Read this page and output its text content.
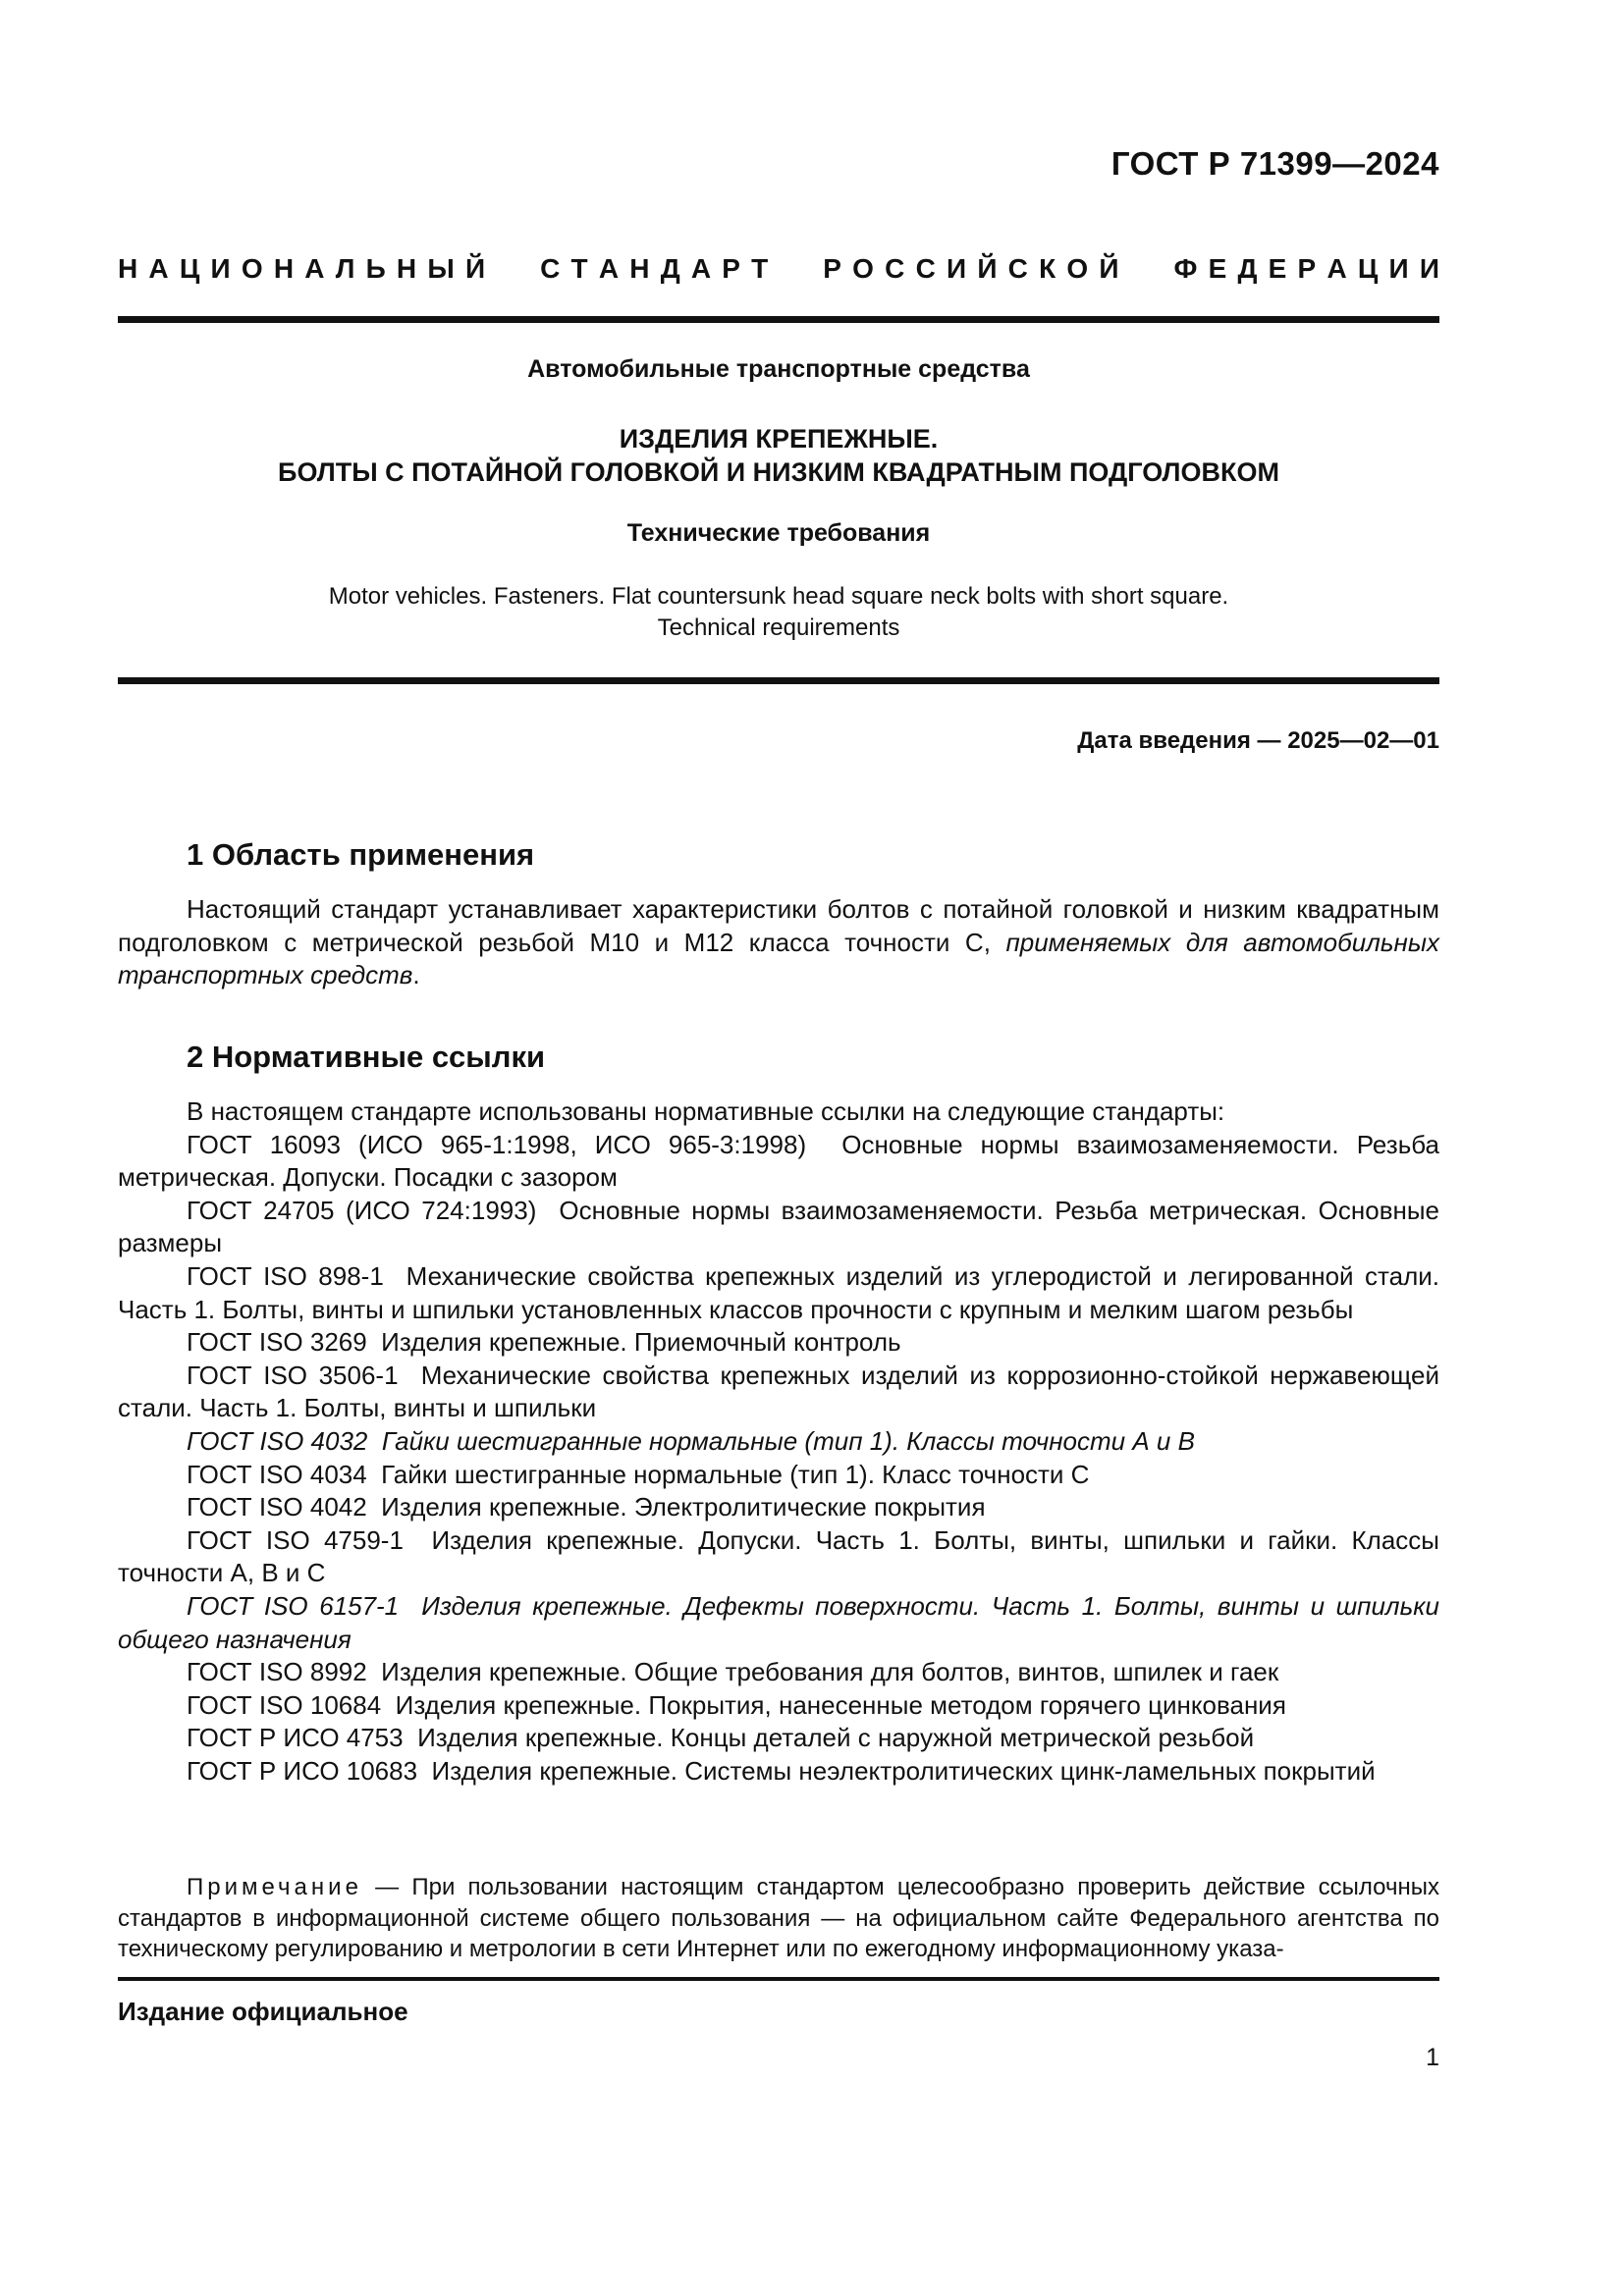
ГОСТ Р 71399—2024
Н  А  Ц  И  О  Н  А  Л  Ь  Н  Ы  Й С  Т  А  Н  Д  А  Р  Т Р  О  С  С  И  Й  С  К  О  Й Ф  Е  Д  Е  Р  А  Ц  И  И
Автомобильные транспортные средства
ИЗДЕЛИЯ КРЕПЕЖНЫЕ.
БОЛТЫ С ПОТАЙНОЙ ГОЛОВКОЙ И НИЗКИМ КВАДРАТНЫМ ПОДГОЛОВКОМ
Технические требования
Motor vehicles. Fasteners. Flat countersunk head square neck bolts with short square.
Technical requirements
Дата введения — 2025—02—01
1 Область применения

Настоящий стандарт устанавливает характеристики болтов с потайной головкой и низким квадратным подголовком с метрической резьбой М10 и М12 класса точности С, применяемых для автомобильных транспортных средств.

2 Нормативные ссылки

В настоящем стандарте использованы нормативные ссылки на следующие стандарты:

ГОСТ 16093 (ИСО 965-1:1998, ИСО 965-3:1998) Основные нормы взаимозаменяемости. Резьба метрическая. Допуски. Посадки с зазором

ГОСТ 24705 (ИСО 724:1993) Основные нормы взаимозаменяемости. Резьба метрическая. Основные размеры

ГОСТ ISO 898-1 Механические свойства крепежных изделий из углеродистой и легированной стали. Часть 1. Болты, винты и шпильки установленных классов прочности с крупным и мелким шагом резьбы

ГОСТ ISO 3269 Изделия крепежные. Приемочный контроль

ГОСТ ISO 3506-1 Механические свойства крепежных изделий из коррозионно-стойкой нержавеющей стали. Часть 1. Болты, винты и шпильки

ГОСТ ISO 4032 Гайки шестигранные нормальные (тип 1). Классы точности А и В

ГОСТ ISO 4034 Гайки шестигранные нормальные (тип 1). Класс точности С

ГОСТ ISO 4042 Изделия крепежные. Электролитические покрытия

ГОСТ ISO 4759-1 Изделия крепежные. Допуски. Часть 1. Болты, винты, шпильки и гайки. Классы точности А, В и С

ГОСТ ISO 6157-1 Изделия крепежные. Дефекты поверхности. Часть 1. Болты, винты и шпильки общего назначения

ГОСТ ISO 8992 Изделия крепежные. Общие требования для болтов, винтов, шпилек и гаек

ГОСТ ISO 10684 Изделия крепежные. Покрытия, нанесенные методом горячего цинкования

ГОСТ Р ИСО 4753 Изделия крепежные. Концы деталей с наружной метрической резьбой

ГОСТ Р ИСО 10683 Изделия крепежные. Системы неэлектролитических цинк-ламельных покрытий

Примечание — При пользовании настоящим стандартом целесообразно проверить действие ссылочных стандартов в информационной системе общего пользования — на официальном сайте Федерального агентства по техническому регулированию и метрологии в сети Интернет или по ежегодному информационному указа-
Издание официальное
1
